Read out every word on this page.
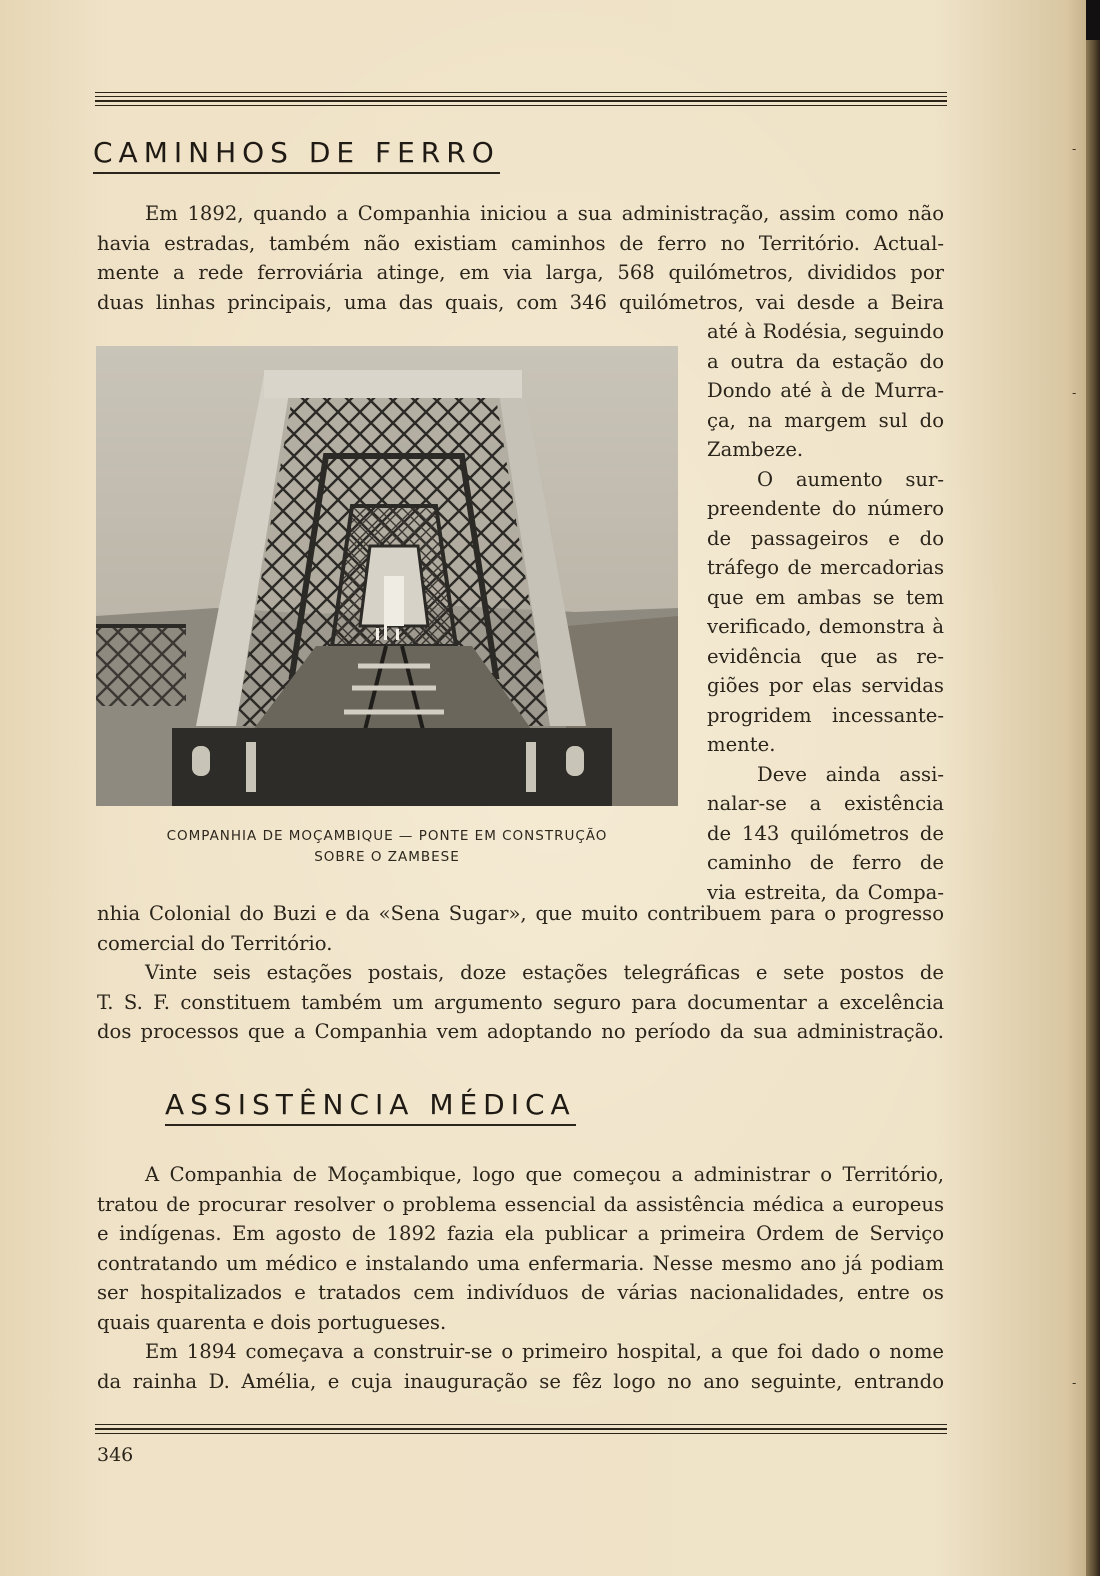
CAMINHOS DE FERRO
Em 1892, quando a Companhia iniciou a sua administração, assim como não
havia estradas, também não existiam caminhos de ferro no Território. Actual-
mente a rede ferroviária atinge, em via larga, 568 quilómetros, divididos por
duas linhas principais, uma das quais, com 346 quilómetros, vai desde a Beira
COMPANHIA DE MOÇAMBIQUE — PONTE EM CONSTRUÇÃO
SOBRE O ZAMBESE
até à Rodésia, seguindo
a outra da estação do
Dondo até à de Murra-
ça, na margem sul do
Zambeze.
O aumento sur-
preendente do número
de passageiros e do
tráfego de mercadorias
que em ambas se tem
verificado, demonstra à
evidência que as re-
giões por elas servidas
progridem incessante-
mente.
Deve ainda assi-
nalar-se a existência
de 143 quilómetros de
caminho de ferro de
via estreita, da Compa-
nhia Colonial do Buzi e da «Sena Sugar», que muito contribuem para o progresso
comercial do Território.
Vinte seis estações postais, doze estações telegráficas e sete postos de
T. S. F. constituem também um argumento seguro para documentar a excelência
dos processos que a Companhia vem adoptando no período da sua administração.
ASSISTÊNCIA MÉDICA
A Companhia de Moçambique, logo que começou a administrar o Território,
tratou de procurar resolver o problema essencial da assistência médica a europeus
e indígenas. Em agosto de 1892 fazia ela publicar a primeira Ordem de Serviço
contratando um médico e instalando uma enfermaria. Nesse mesmo ano já podiam
ser hospitalizados e tratados cem indivíduos de várias nacionalidades, entre os
quais quarenta e dois portugueses.
Em 1894 começava a construir-se o primeiro hospital, a que foi dado o nome
da rainha D. Amélia, e cuja inauguração se fêz logo no ano seguinte, entrando
346
‐
‐
‐
